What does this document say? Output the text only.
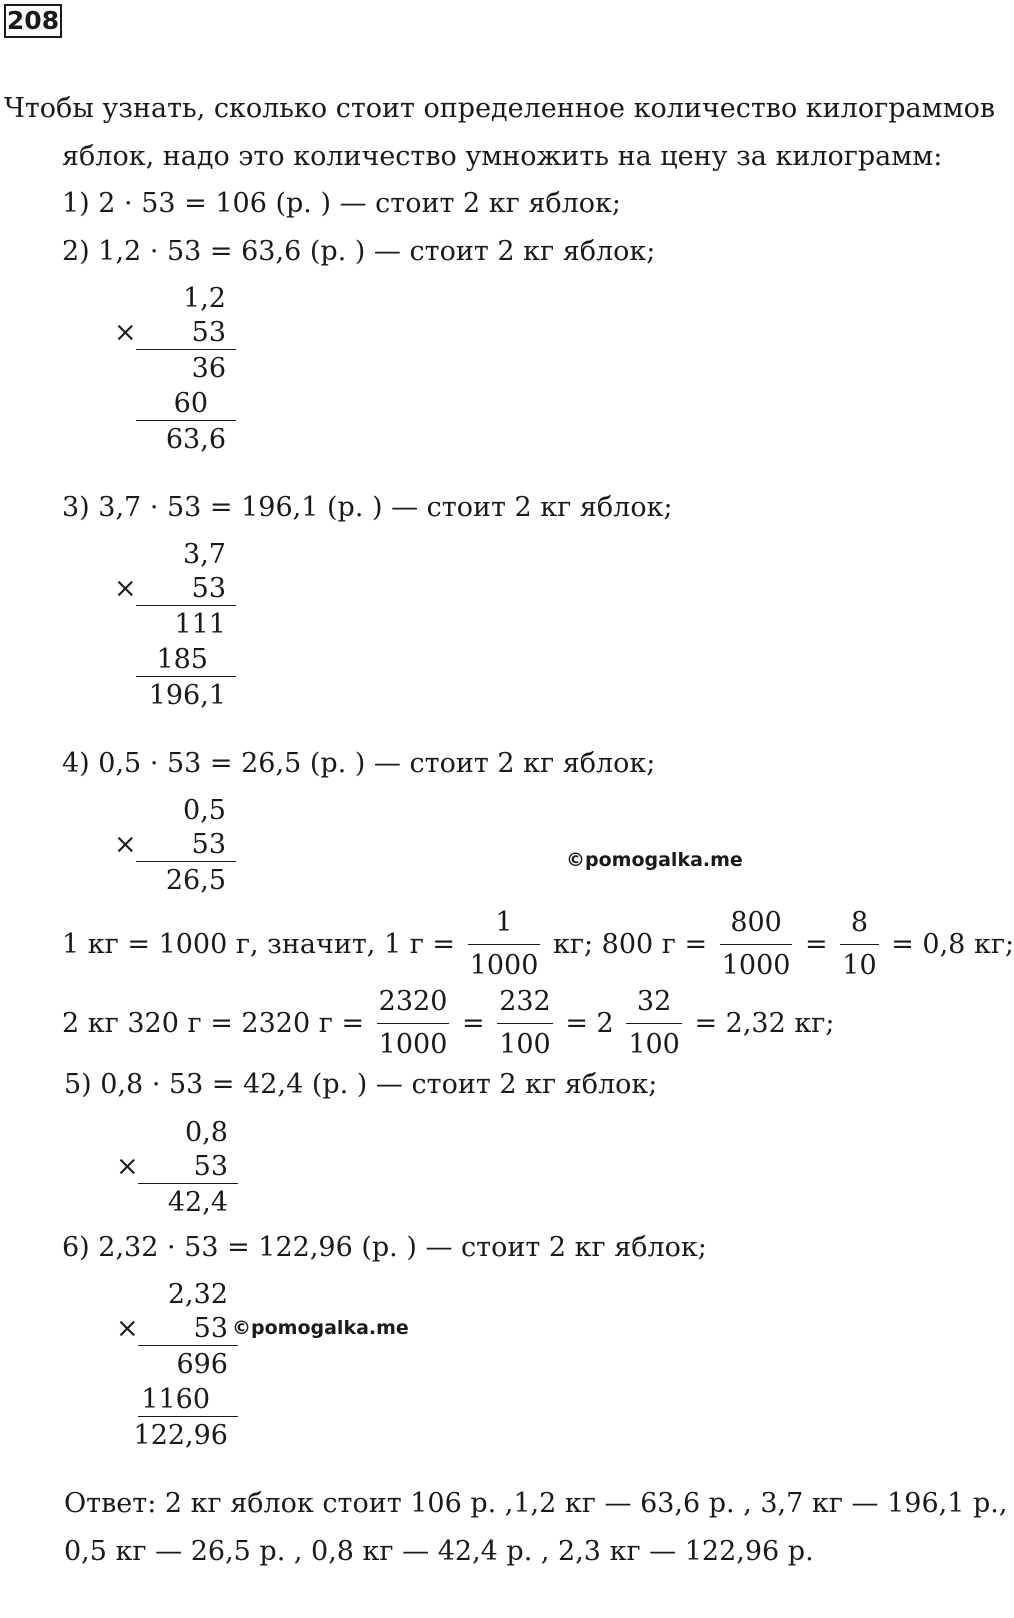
208
Чтобы узнать, сколько стоит определенное количество килограммов
яблок, надо это количество умножить на цену за килограмм:
1) 2 · 53 = 106 (р. ) — стоит 2 кг яблок;
2) 1,2 · 53 = 63,6 (р. ) — стоит 2 кг яблок;
1,2
× 53
36
60
63,6
3) 3,7 · 53 = 196,1 (р. ) — стоит 2 кг яблок;
3,7
× 53
111
185
196,1
4) 0,5 · 53 = 26,5 (р. ) — стоит 2 кг яблок;
0,5
× 53
26,5
©pomogalka.me
1 кг = 1000 г, значит, 1 $г = \frac{1}{1000}$ кг; 800 $г = \frac{800}{1000} = \frac{8}{10} = 0,8$ кг;
2 кг 320 г = 2320 $г = \frac{2320}{1000} = \frac{232}{100} = 2 \frac{32}{100} = 2,32$ кг;
5) 0,8 · 53 = 42,4 (р. ) — стоит 2 кг яблок;
0,8
× 53
42,4
6) 2,32 · 53 = 122,96 (р. ) — стоит 2 кг яблок;
2,32
× 53
696
1160
122,96
©pomogalka.me
Ответ: 2 кг яблок стоит 106 р. ,1,2 кг — 63,6 р. , 3,7 кг — 196,1 р.,
0,5 кг — 26,5 р. , 0,8 кг — 42,4 р. , 2,3 кг — 122,96 р.
